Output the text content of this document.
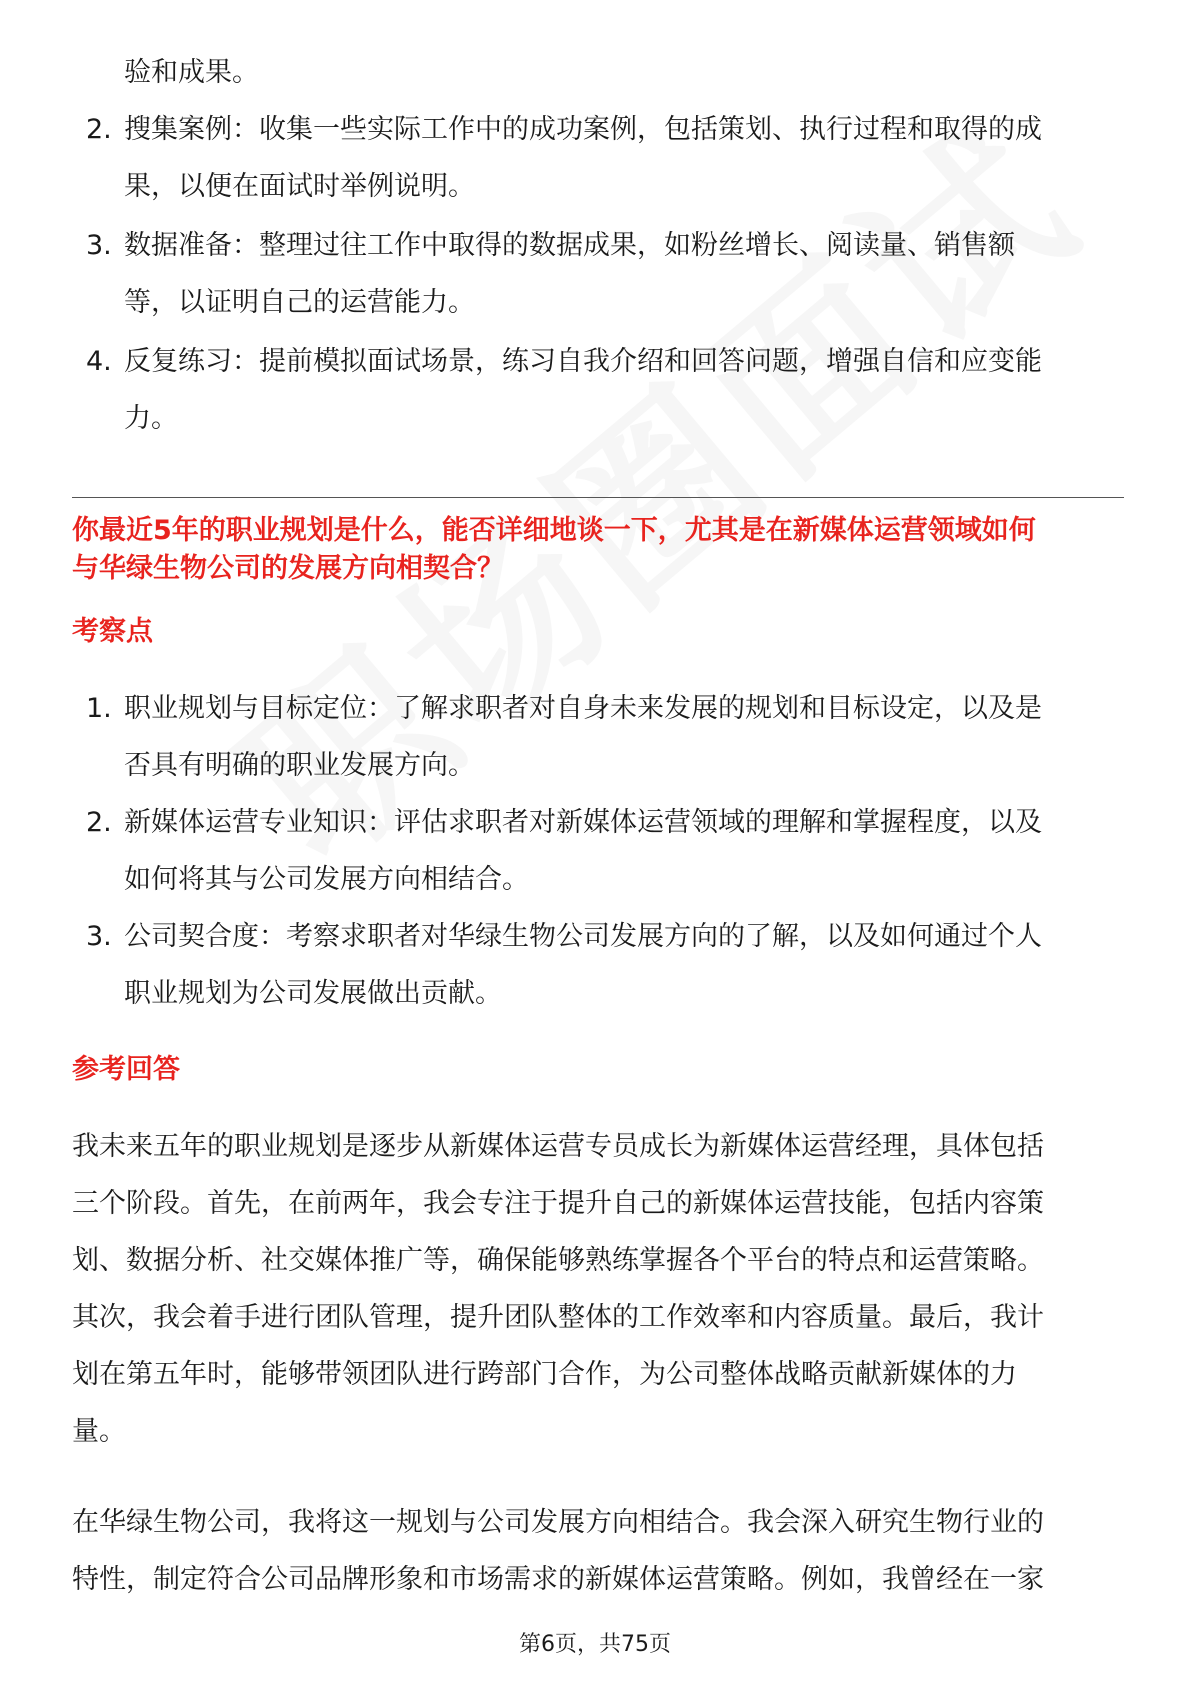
验和成果。
2. 搜集案例：收集一些实际工作中的成功案例，包括策划、执行过程和取得的成
果，以便在面试时举例说明。
3. 数据准备：整理过往工作中取得的数据成果，如粉丝增长、阅读量、销售额
等，以证明自己的运营能力。
4. 反复练习：提前模拟面试场景，练习自我介绍和回答问题，增强自信和应变能
力。
你最近5年的职业规划是什么，能否详细地谈一下，尤其是在新媒体运营领域如何
与华绿生物公司的发展方向相契合？
考察点
1. 职业规划与目标定位：了解求职者对自身未来发展的规划和目标设定，以及是
否具有明确的职业发展方向。
2. 新媒体运营专业知识：评估求职者对新媒体运营领域的理解和掌握程度，以及
如何将其与公司发展方向相结合。
3. 公司契合度：考察求职者对华绿生物公司发展方向的了解，以及如何通过个人
职业规划为公司发展做出贡献。
参考回答
我未来五年的职业规划是逐步从新媒体运营专员成长为新媒体运营经理，具体包括
三个阶段。首先，在前两年，我会专注于提升自己的新媒体运营技能，包括内容策
划、数据分析、社交媒体推广等，确保能够熟练掌握各个平台的特点和运营策略。
其次，我会着手进行团队管理，提升团队整体的工作效率和内容质量。最后，我计
划在第五年时，能够带领团队进行跨部门合作，为公司整体战略贡献新媒体的力
量。
在华绿生物公司，我将这一规划与公司发展方向相结合。我会深入研究生物行业的
特性，制定符合公司品牌形象和市场需求的新媒体运营策略。例如，我曾经在一家
第6页，共75页
